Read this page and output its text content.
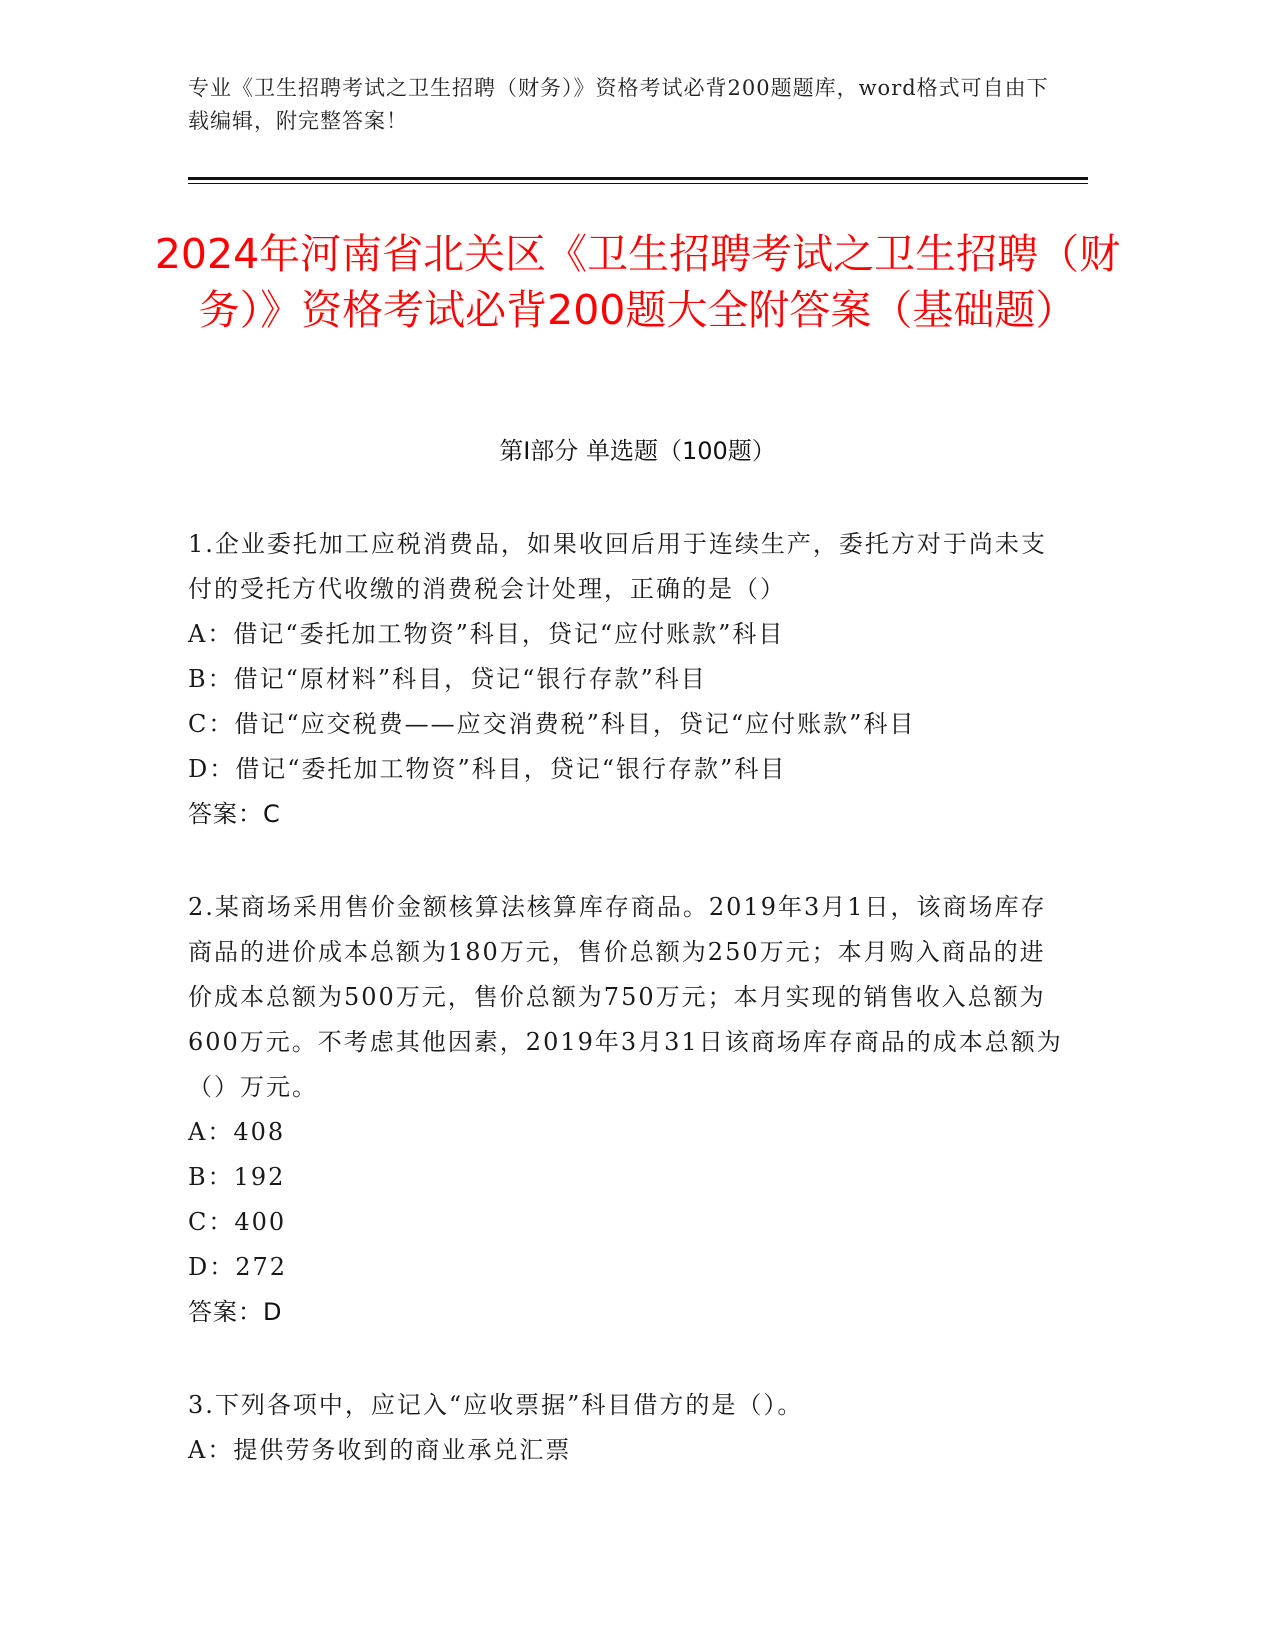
专业《卫生招聘考试之卫生招聘（财务）》资格考试必背200题题库，word格式可自由下载编辑，附完整答案！
2024年河南省北关区《卫生招聘考试之卫生招聘（财务）》资格考试必背200题大全附答案（基础题）
第I部分 单选题（100题）
1.企业委托加工应税消费品，如果收回后用于连续生产，委托方对于尚未支付的受托方代收缴的消费税会计处理，正确的是（）
A：借记“委托加工物资”科目，贷记“应付账款”科目
B：借记“原材料”科目，贷记“银行存款”科目
C：借记“应交税费——应交消费税”科目，贷记“应付账款”科目
D：借记“委托加工物资”科目，贷记“银行存款”科目
答案：C
2.某商场采用售价金额核算法核算库存商品。2019年3月1日，该商场库存商品的进价成本总额为180万元，售价总额为250万元；本月购入商品的进价成本总额为500万元，售价总额为750万元；本月实现的销售收入总额为600万元。不考虑其他因素，2019年3月31日该商场库存商品的成本总额为（）万元。
A：408
B：192
C：400
D：272
答案：D
3.下列各项中，应记入“应收票据”科目借方的是（）。
A：提供劳务收到的商业承兑汇票
